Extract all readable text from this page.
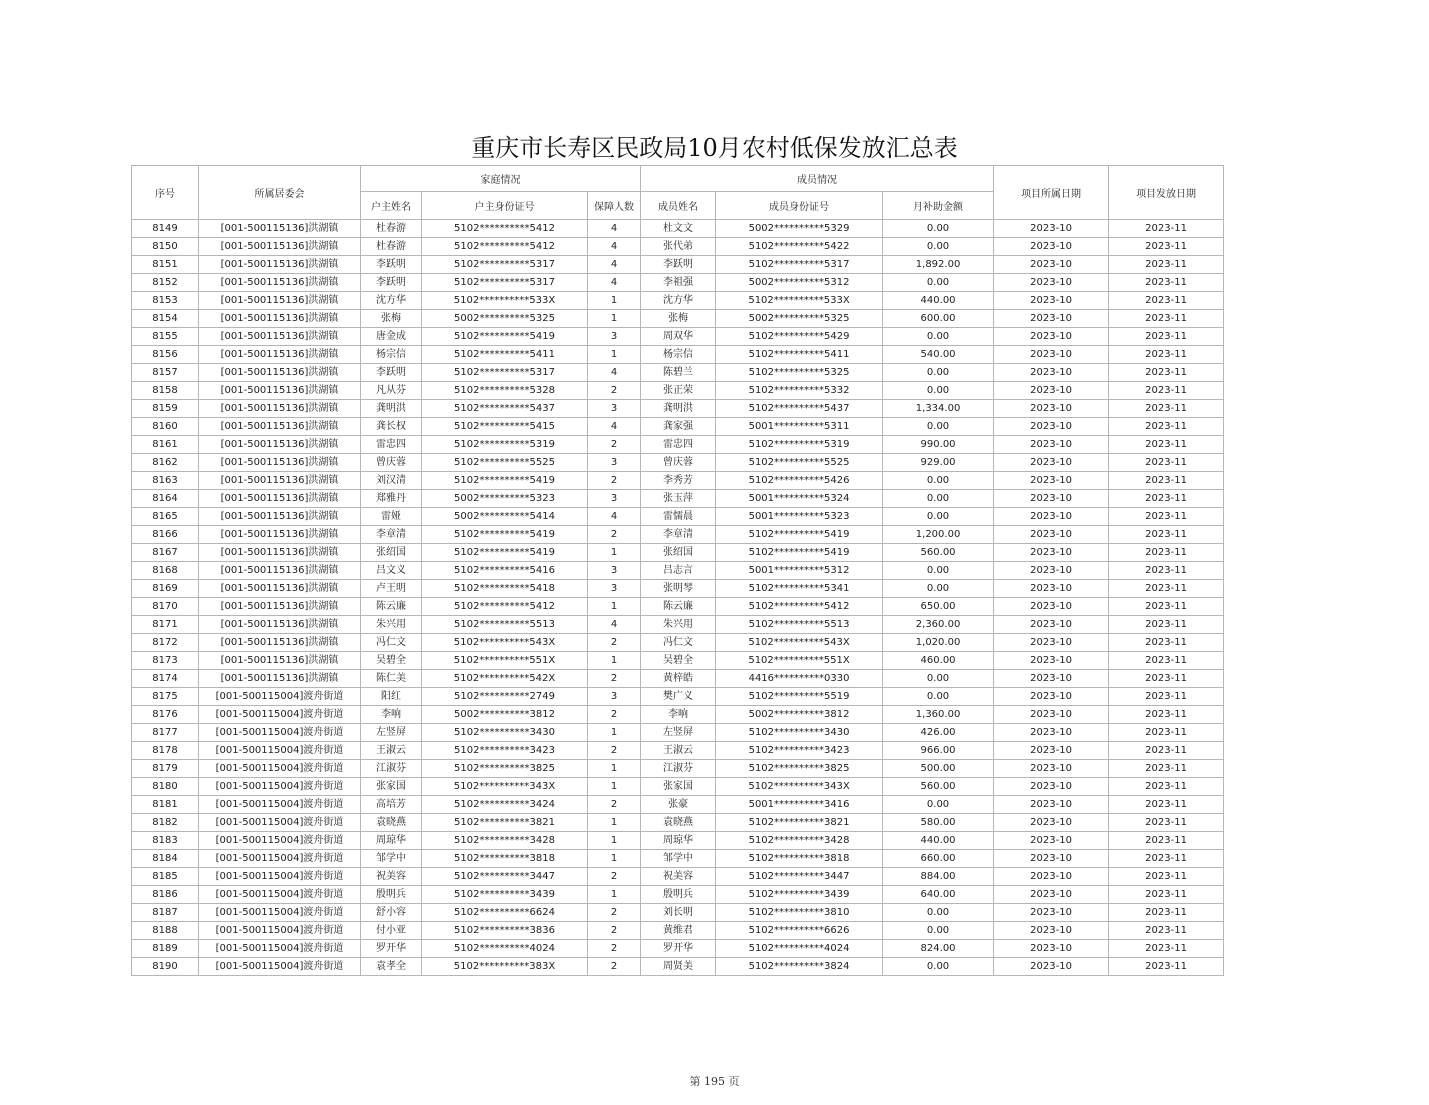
重庆市长寿区民政局10月农村低保发放汇总表
序号	所属居委会	家庭情况			成员情况			项目所属日期	项目发放日期
		户主姓名	户主身份证号	保障人数	成员姓名	成员身份证号	月补助金额		
8149	[001-500115136]洪湖镇	杜春游	5102**********5412	4	杜文文	5002**********5329	0.00	2023-10	2023-11
8150	[001-500115136]洪湖镇	杜春游	5102**********5412	4	张代弟	5102**********5422	0.00	2023-10	2023-11
8151	[001-500115136]洪湖镇	李跃明	5102**********5317	4	李跃明	5102**********5317	1,892.00	2023-10	2023-11
8152	[001-500115136]洪湖镇	李跃明	5102**********5317	4	李祖强	5002**********5312	0.00	2023-10	2023-11
8153	[001-500115136]洪湖镇	沈方华	5102**********533X	1	沈方华	5102**********533X	440.00	2023-10	2023-11
8154	[001-500115136]洪湖镇	张梅	5002**********5325	1	张梅	5002**********5325	600.00	2023-10	2023-11
8155	[001-500115136]洪湖镇	唐金成	5102**********5419	3	周双华	5102**********5429	0.00	2023-10	2023-11
8156	[001-500115136]洪湖镇	杨宗信	5102**********5411	1	杨宗信	5102**********5411	540.00	2023-10	2023-11
8157	[001-500115136]洪湖镇	李跃明	5102**********5317	4	陈碧兰	5102**********5325	0.00	2023-10	2023-11
8158	[001-500115136]洪湖镇	凡从芬	5102**********5328	2	张正荣	5102**********5332	0.00	2023-10	2023-11
8159	[001-500115136]洪湖镇	龚明洪	5102**********5437	3	龚明洪	5102**********5437	1,334.00	2023-10	2023-11
8160	[001-500115136]洪湖镇	龚长权	5102**********5415	4	龚家强	5001**********5311	0.00	2023-10	2023-11
8161	[001-500115136]洪湖镇	雷忠四	5102**********5319	2	雷忠四	5102**********5319	990.00	2023-10	2023-11
8162	[001-500115136]洪湖镇	曾庆蓉	5102**********5525	3	曾庆蓉	5102**********5525	929.00	2023-10	2023-11
8163	[001-500115136]洪湖镇	刘汉清	5102**********5419	2	李秀芳	5102**********5426	0.00	2023-10	2023-11
8164	[001-500115136]洪湖镇	郑雅丹	5002**********5323	3	张玉萍	5001**********5324	0.00	2023-10	2023-11
8165	[001-500115136]洪湖镇	雷娅	5002**********5414	4	雷懦晨	5001**********5323	0.00	2023-10	2023-11
8166	[001-500115136]洪湖镇	李章清	5102**********5419	2	李章清	5102**********5419	1,200.00	2023-10	2023-11
8167	[001-500115136]洪湖镇	张绍国	5102**********5419	1	张绍国	5102**********5419	560.00	2023-10	2023-11
8168	[001-500115136]洪湖镇	吕文义	5102**********5416	3	吕志言	5001**********5312	0.00	2023-10	2023-11
8169	[001-500115136]洪湖镇	卢王明	5102**********5418	3	张明琴	5102**********5341	0.00	2023-10	2023-11
8170	[001-500115136]洪湖镇	陈云廉	5102**********5412	1	陈云廉	5102**********5412	650.00	2023-10	2023-11
8171	[001-500115136]洪湖镇	朱兴用	5102**********5513	4	朱兴用	5102**********5513	2,360.00	2023-10	2023-11
8172	[001-500115136]洪湖镇	冯仁文	5102**********543X	2	冯仁文	5102**********543X	1,020.00	2023-10	2023-11
8173	[001-500115136]洪湖镇	吴碧全	5102**********551X	1	吴碧全	5102**********551X	460.00	2023-10	2023-11
8174	[001-500115136]洪湖镇	陈仁美	5102**********542X	2	黄梓皓	4416**********0330	0.00	2023-10	2023-11
8175	[001-500115004]渡舟街道	阳红	5102**********2749	3	樊广义	5102**********5519	0.00	2023-10	2023-11
8176	[001-500115004]渡舟街道	李响	5002**********3812	2	李响	5002**********3812	1,360.00	2023-10	2023-11
8177	[001-500115004]渡舟街道	左竖屏	5102**********3430	1	左竖屏	5102**********3430	426.00	2023-10	2023-11
8178	[001-500115004]渡舟街道	王淑云	5102**********3423	2	王淑云	5102**********3423	966.00	2023-10	2023-11
8179	[001-500115004]渡舟街道	江淑芬	5102**********3825	1	江淑芬	5102**********3825	500.00	2023-10	2023-11
8180	[001-500115004]渡舟街道	张家国	5102**********343X	1	张家国	5102**********343X	560.00	2023-10	2023-11
8181	[001-500115004]渡舟街道	高培芳	5102**********3424	2	张豪	5001**********3416	0.00	2023-10	2023-11
8182	[001-500115004]渡舟街道	袁晓燕	5102**********3821	1	袁晓燕	5102**********3821	580.00	2023-10	2023-11
8183	[001-500115004]渡舟街道	周琼华	5102**********3428	1	周琼华	5102**********3428	440.00	2023-10	2023-11
8184	[001-500115004]渡舟街道	邹学中	5102**********3818	1	邹学中	5102**********3818	660.00	2023-10	2023-11
8185	[001-500115004]渡舟街道	祝美容	5102**********3447	2	祝美容	5102**********3447	884.00	2023-10	2023-11
8186	[001-500115004]渡舟街道	殷明兵	5102**********3439	1	殷明兵	5102**********3439	640.00	2023-10	2023-11
8187	[001-500115004]渡舟街道	舒小容	5102**********6624	2	刘长明	5102**********3810	0.00	2023-10	2023-11
8188	[001-500115004]渡舟街道	付小亚	5102**********3836	2	黄维君	5102**********6626	0.00	2023-10	2023-11
8189	[001-500115004]渡舟街道	罗开华	5102**********4024	2	罗开华	5102**********4024	824.00	2023-10	2023-11
8190	[001-500115004]渡舟街道	袁孝全	5102**********383X	2	周贤美	5102**********3824	0.00	2023-10	2023-11
第 195 页
